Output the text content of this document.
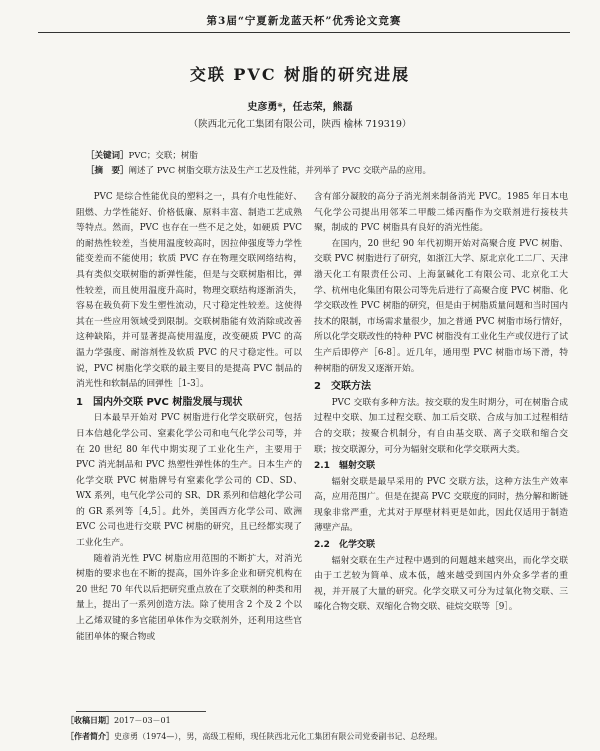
第3届“宁夏新龙蓝天杯”优秀论文竞赛
交联 PVC 树脂的研究进展
史彦勇*，任志荣，熊磊
（陕西北元化工集团有限公司，陕西 榆林 719319）
［关键词］PVC；交联；树脂
［摘　要］阐述了 PVC 树脂交联方法及生产工艺及性能，并列举了 PVC 交联产品的应用。

PVC 是综合性能优良的塑料之一，具有介电性能好、阻燃、力学性能好、价格低廉、原料丰富、制造工艺成熟等特点。然而，PVC 也存在一些不足之处，如硬质 PVC 的耐热性较差，当使用温度较高时，因拉伸强度等力学性能变差而不能使用；软质 PVC 存在物理交联网络结构，具有类似交联树脂的新弹性能，但是与交联树脂相比，弹性较差，而且使用温度升高时，物理交联结构逐渐消失，容易在载负荷下发生塑性流动，尺寸稳定性较差。这使得其在一些应用领域受到限制。交联树脂能有效消除或改善这种缺陷，并可显著提高使用温度，改变硬质 PVC 的高温力学强度、耐溶剂性及软质 PVC 的尺寸稳定性。可以说，PVC 树脂化学交联的最主要目的是提高 PVC 制品的消光性和软制品的回弹性［1-3］。

1　国内外交联 PVC 树脂发展与现状

日本最早开始对 PVC 树脂进行化学交联研究，包括日本信越化学公司、窒素化学公司和电气化学公司等，并在 20 世纪 80 年代中期实现了工业化生产，主要用于 PVC 消光制品和 PVC 热塑性弹性体的生产。日本生产的化学交联 PVC 树脂牌号有窒素化学公司的 CD、SD、WX 系列，电气化学公司的 SR、DR 系列和信越化学公司的 GR 系列等［4,5］。此外，美国西方化学公司、欧洲 EVC 公司也进行交联 PVC 树脂的研究，且已经都实现了工业化生产。

随着消光性 PVC 树脂应用范围的不断扩大，对消光树脂的要求也在不断的提高，国外许多企业和研究机构在 20 世纪 70 年代以后把研究重点放在了交联剂的种类和用量上，提出了一系列创造方法。除了使用含 2 个及 2 个以上乙烯双键的多官能团单体作为交联剂外，还利用这些官能团单体的聚合物或

含有部分凝胶的高分子消光剂来制备消光 PVC。1985 年日本电气化学公司提出用邻苯二甲酸二烯丙酯作为交联剂进行接枝共聚，制成的 PVC 树脂具有良好的消光性能。

在国内，20 世纪 90 年代初期开始对高聚合度 PVC 树脂、交联 PVC 树脂进行了研究，如浙江大学、原北京化工二厂、天津渤天化工有限责任公司、上海氯碱化工有限公司、北京化工大学、杭州电化集团有限公司等先后进行了高聚合度 PVC 树脂、化学交联改性 PVC 树脂的研究，但是由于树脂质量问题和当时国内技术的限制，市场需求量很少，加之普通 PVC 树脂市场行情好，所以化学交联改性的特种 PVC 树脂没有工业化生产或仅进行了试生产后即停产［6-8］。近几年，通用型 PVC 树脂市场下滑，特种树脂的研发又逐渐开始。

2　交联方法

PVC 交联有多种方法。按交联的发生时期分，可在树脂合成过程中交联、加工过程交联、加工后交联、合成与加工过程相结合的交联；按聚合机制分，有自由基交联、离子交联和缩合交联；按交联源分，可分为辐射交联和化学交联两大类。

2.1　辐射交联

辐射交联是最早采用的 PVC 交联方法，这种方法生产效率高，应用范围广。但是在提高 PVC 交联度的同时，热分解和断链现象非常严重，尤其对于厚壁材料更是如此，因此仅适用于制造薄壁产品。

2.2　化学交联

辐射交联在生产过程中遇到的问题越来越突出，而化学交联由于工艺较为简单、成本低，越来越受到国内外众多学者的重视，并开展了大量的研究。化学交联又可分为过氧化物交联、三嗪化合物交联、双缩化合物交联、硅烷交联等［9］。

［收稿日期］2017－03－01
［作者简介］史彦勇（1974—），男，高级工程师，现任陕西北元化工集团有限公司党委副书记、总经理。
